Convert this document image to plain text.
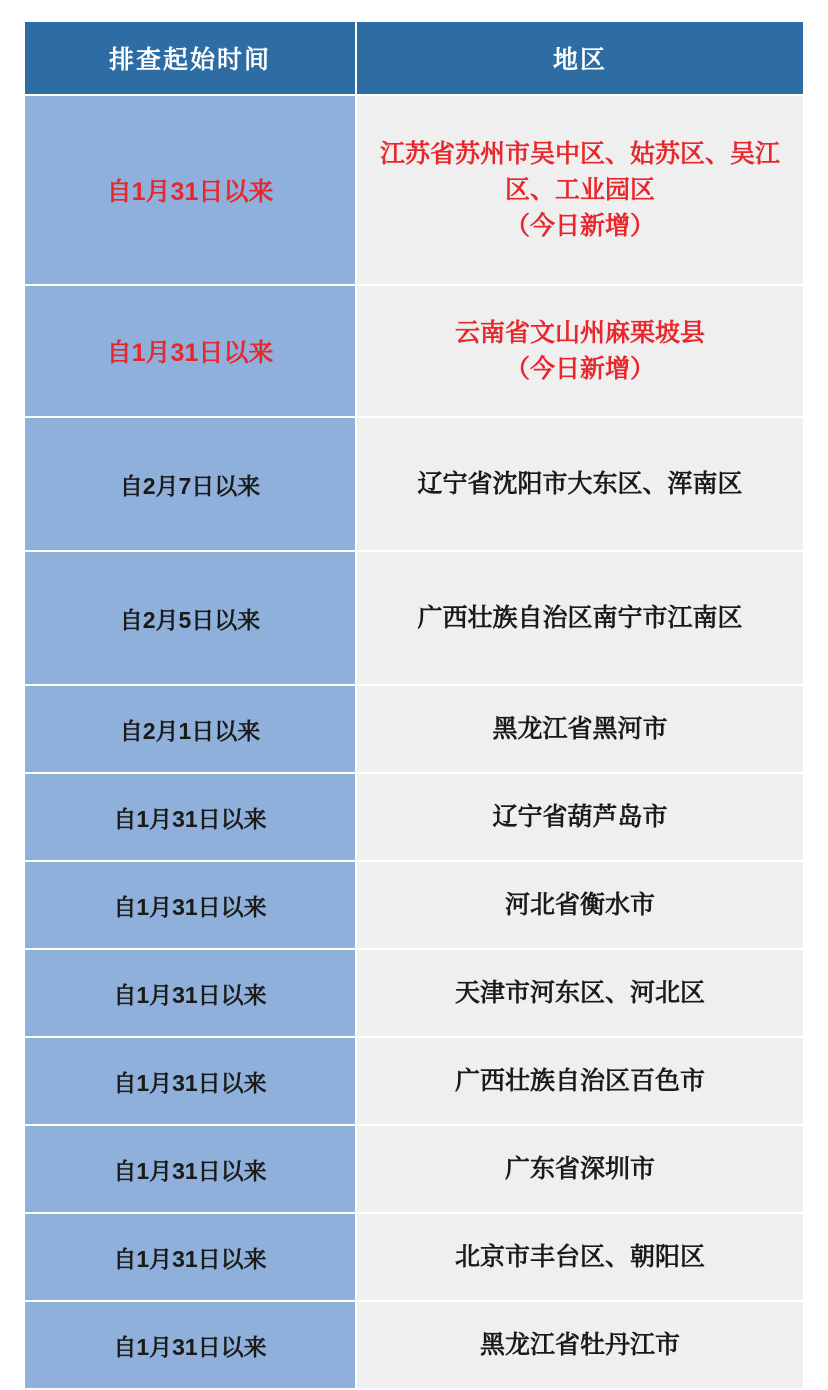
排查起始时间	地区
自1月31日以来	江苏省苏州市吴中区、姑苏区、吴江区、工业园区
（今日新增）

自1月31日以来	云南省文山州麻栗坡县
（今日新增）

自2月7日以来	辽宁省沈阳市大东区、浑南区
自2月5日以来	广西壮族自治区南宁市江南区
自2月1日以来	黑龙江省黑河市
自1月31日以来	辽宁省葫芦岛市
自1月31日以来	河北省衡水市
自1月31日以来	天津市河东区、河北区
自1月31日以来	广西壮族自治区百色市
自1月31日以来	广东省深圳市
自1月31日以来	北京市丰台区、朝阳区
自1月31日以来	黑龙江省牡丹江市
